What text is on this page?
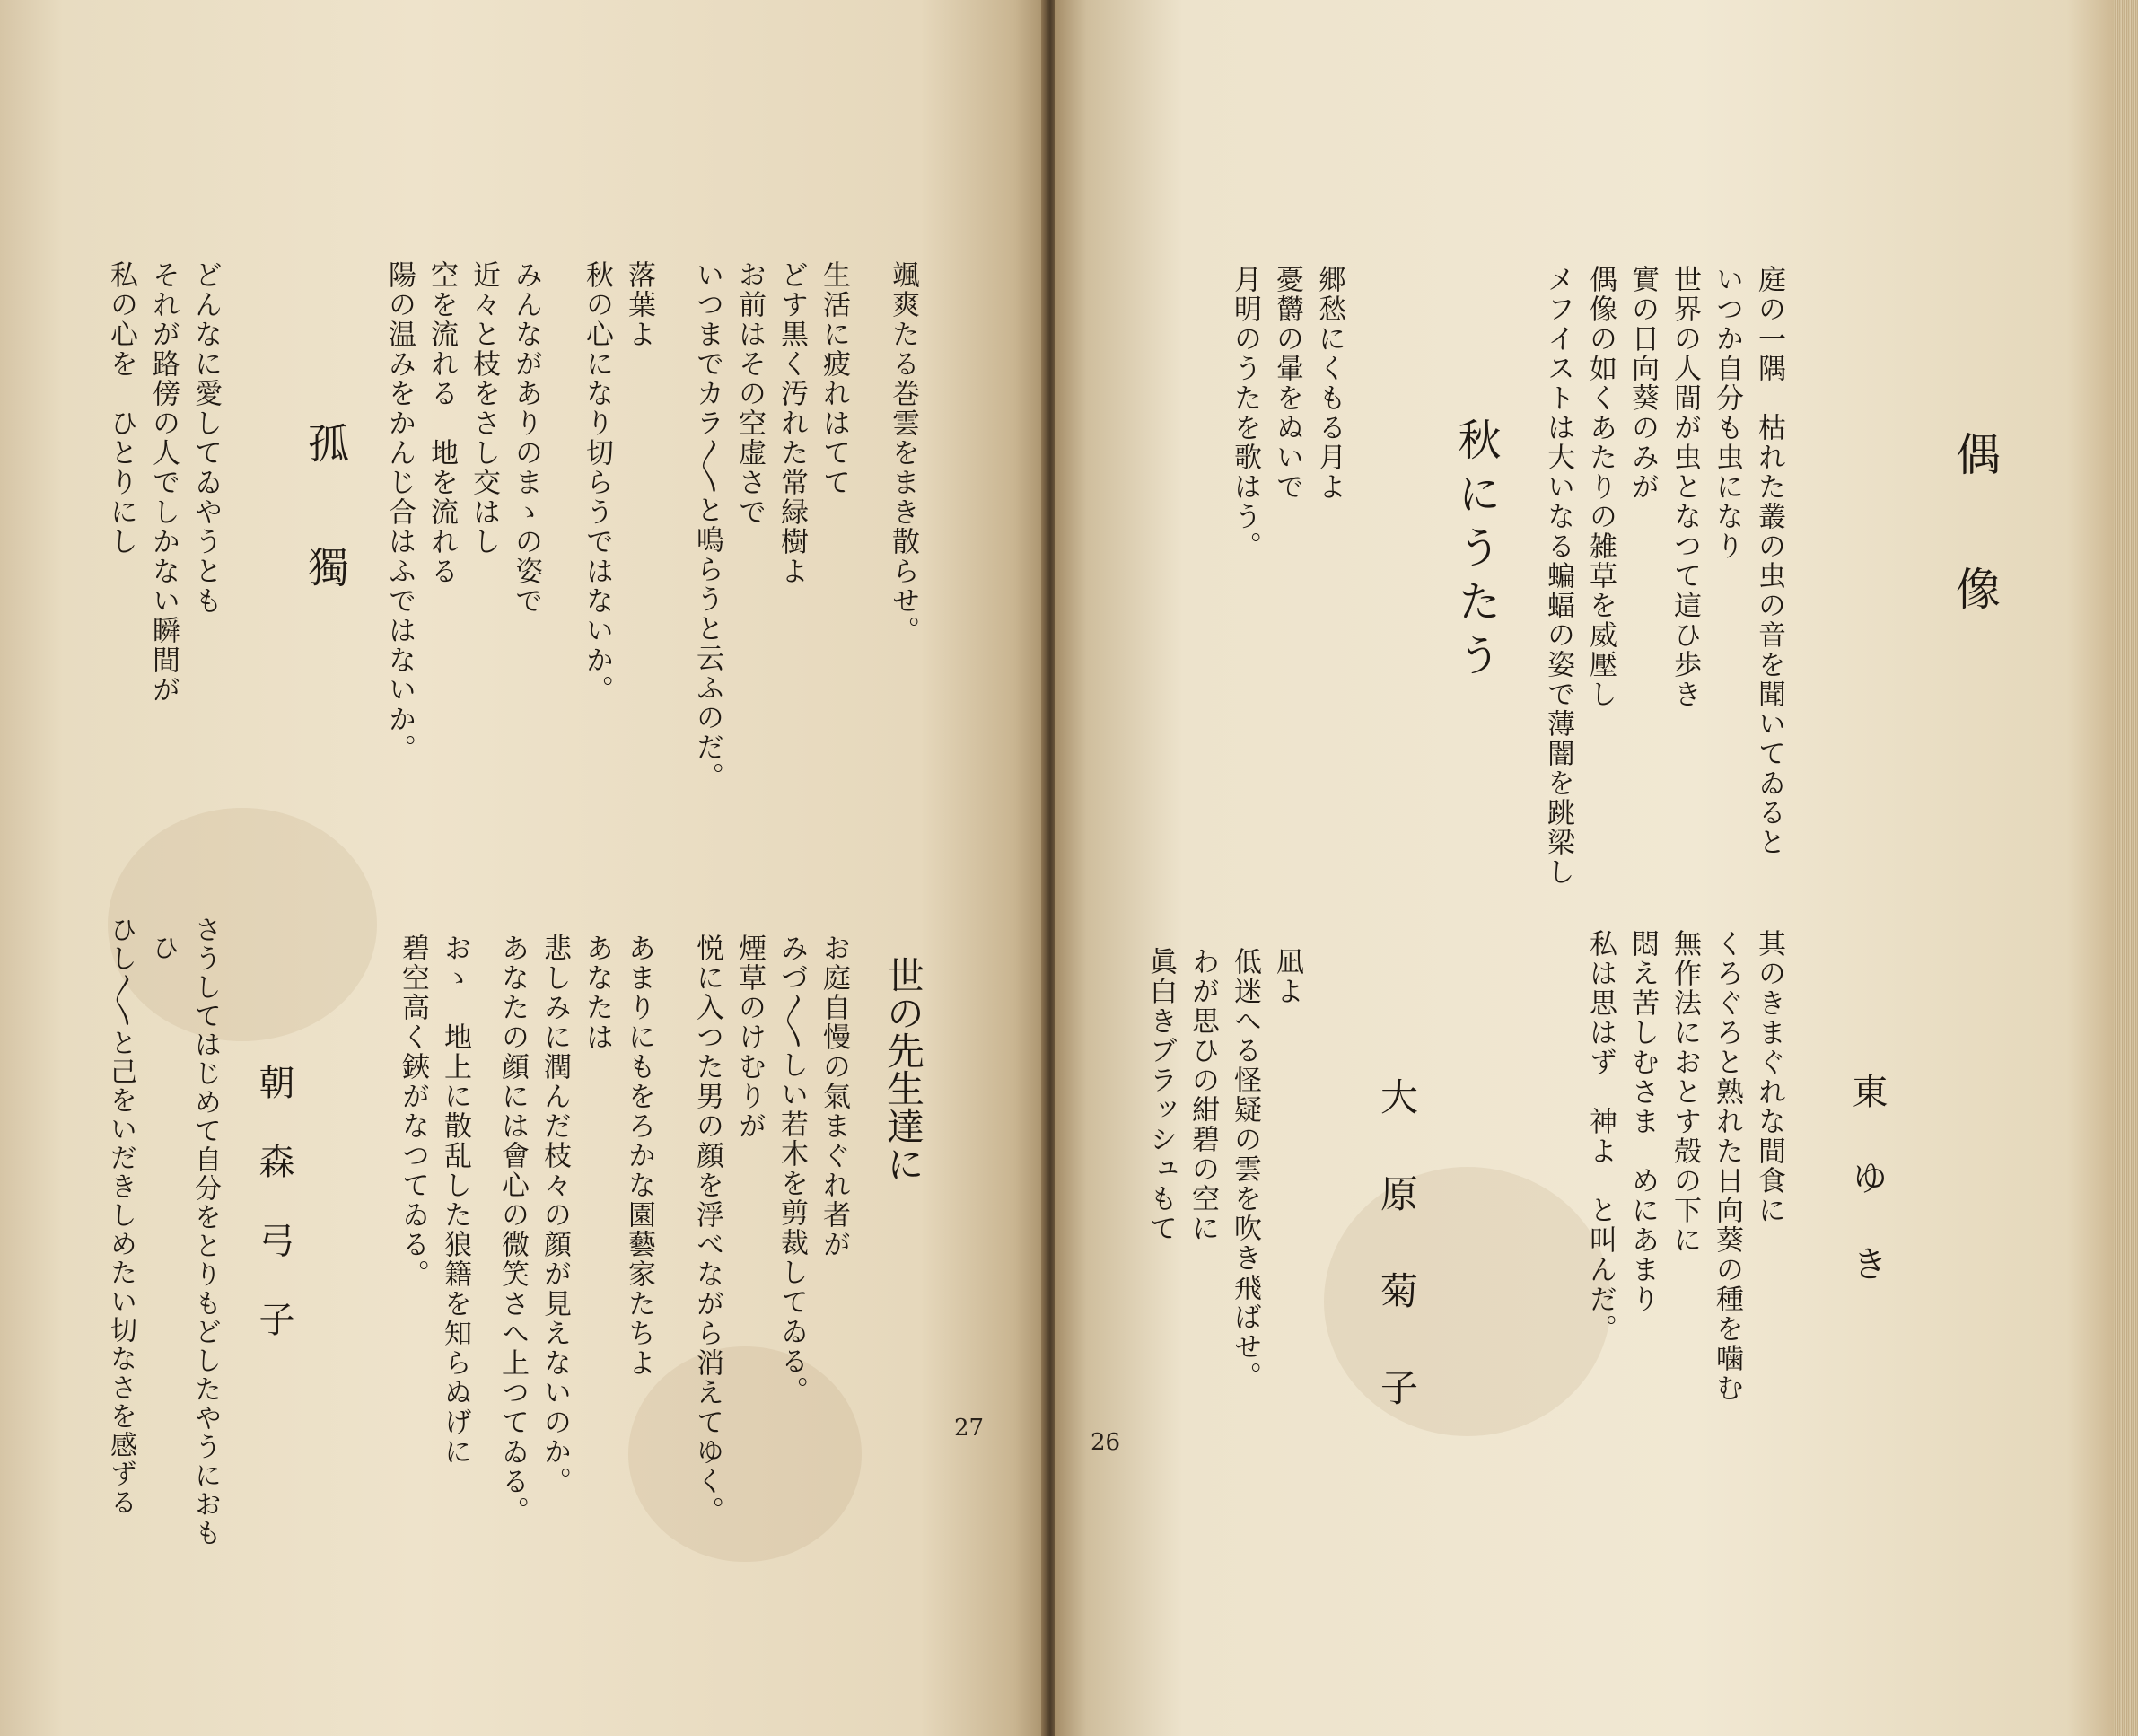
颯爽たる巻雲をまき散らせ。
生活に疲れはてて
どす黒く汚れた常緑樹よ
お前はその空虚さで
いつまでカラ〳〵と鳴らうと云ふのだ。
落葉よ
秋の心になり切らうではないか。
みんながありのまゝの姿で
近々と枝をさし交はし
空を流れる　地を流れる
陽の温みをかんじ合はふではないか。
孤　　獨
どんなに愛してゐやうとも
それが路傍の人でしかない瞬間が
私の心を　ひとりにし
世の先生達に
お庭自慢の氣まぐれ者が
みづ〳〵しい若木を剪裁してゐる。
煙草のけむりが
悦に入つた男の顔を浮べながら消えてゆく。
あまりにもをろかな園藝家たちよ
あなたは
悲しみに潤んだ枝々の顔が見えないのか。
あなたの顔には會心の微笑さへ上つてゐる。
おゝ　地上に散乱した狼籍を知らぬげに
碧空高く鋏がなつてゐる。
朝　森　弓　子
さうしてはじめて自分をとりもどしたやうにおも
ひ
ひし〳〵と己をいだきしめたい切なさを感ずる	27
偶　　像
庭の一隅　枯れた叢の虫の音を聞いてゐると
いつか自分も虫になり
世界の人間が虫となつて這ひ歩き
實の日向葵のみが
偶像の如くあたりの雑草を威壓し
メフイストは大いなる蝙蝠の姿で薄闇を跳梁し
秋にうたう
郷愁にくもる月よ
憂欝の暈をぬいで
月明のうたを歌はう。
東　ゆ　き
其のきまぐれな間食に
くろぐろと熟れた日向葵の種を噛む
無作法におとす殻の下に
悶え苦しむさま　めにあまり
私は思はず　神よ　と叫んだ。
大　原　菊　子
凪よ
低迷へる怪疑の雲を吹き飛ばせ。
わが思ひの紺碧の空に
眞白きブラッシュもて
26
